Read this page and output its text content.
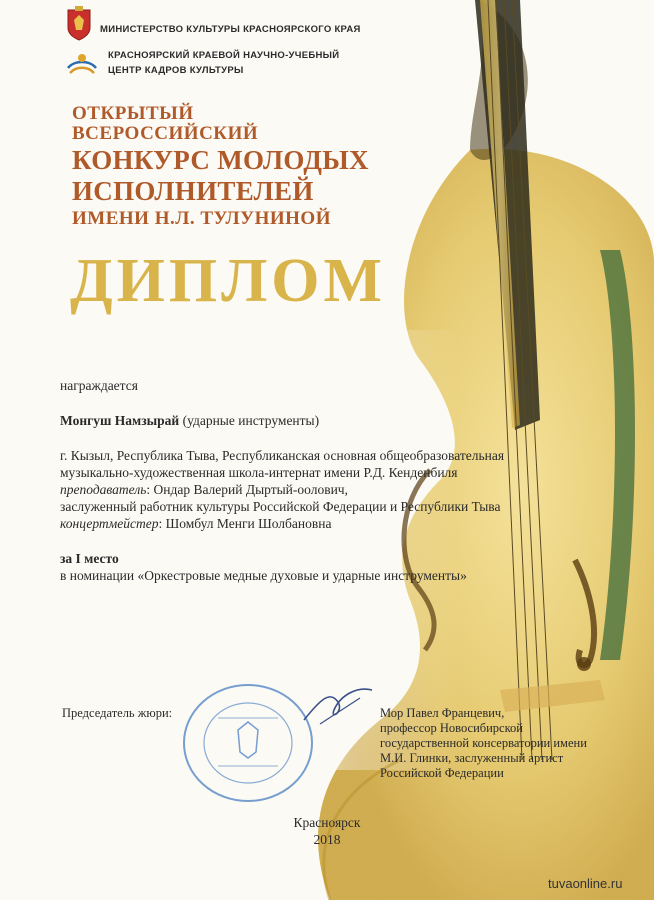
МИНИСТЕРСТВО КУЛЬТУРЫ КРАСНОЯРСКОГО КРАЯ
КРАСНОЯРСКИЙ КРАЕВОЙ НАУЧНО-УЧЕБНЫЙ
ЦЕНТР КАДРОВ КУЛЬТУРЫ
ОТКРЫТЫЙ
ВСЕРОССИЙСКИЙ
КОНКУРС МОЛОДЫХ
ИСПОЛНИТЕЛЕЙ
ИМЕНИ Н.Л. ТУЛУНИНОЙ
ДИПЛОМ
награждается
Монгуш Намзырай (ударные инструменты)
г. Кызыл, Республика Тыва, Республиканская основная общеобразовательная
музыкально-художественная школа-интернат имени Р.Д. Кенденбиля
преподаватель: Ондар Валерий Дыртый-оолович,
заслуженный работник культуры Российской Федерации и Республики Тыва
концертмейстер: Шомбул Менги Шолбановна
за I место
в номинации «Оркестровые медные духовые и ударные инструменты»
Председатель жюри:	Мор Павел Францевич,
профессор Новосибирской
государственной консерватории имени
М.И. Глинки, заслуженный артист
Российской Федерации
Красноярск
2018
tuvaonline.ru
